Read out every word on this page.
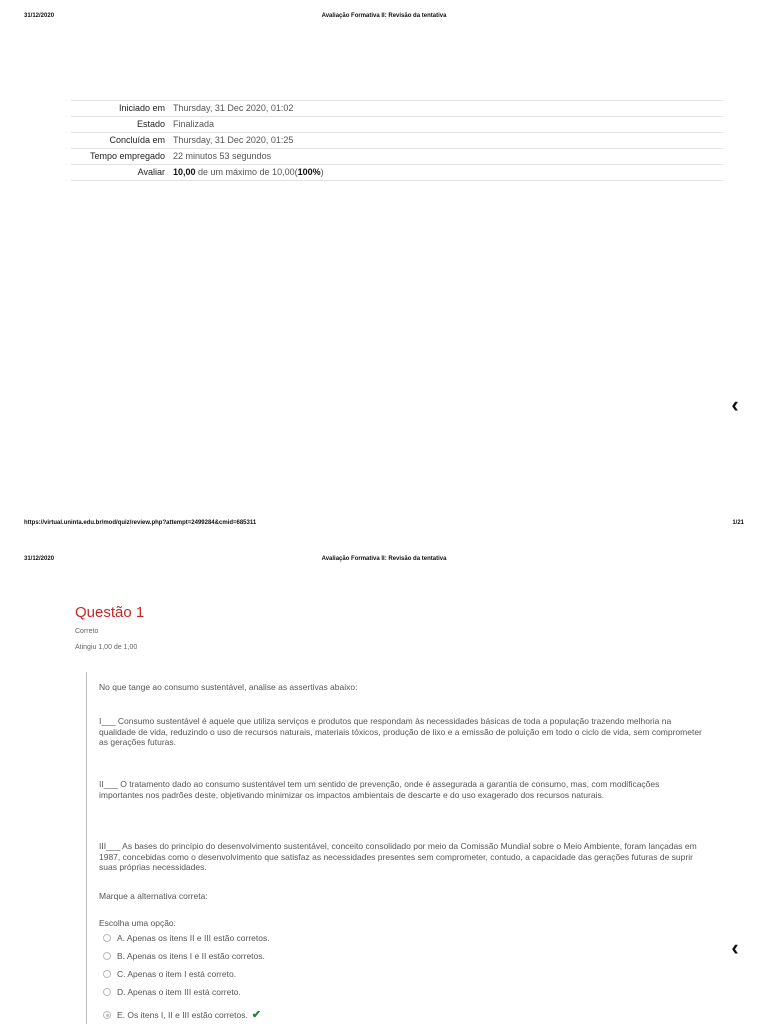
31/12/2020	Avaliação Formativa II: Revisão da tentativa
Iniciado em	Thursday, 31 Dec 2020, 01:02
Estado	Finalizada
Concluída em	Thursday, 31 Dec 2020, 01:25
Tempo empregado	22 minutos 53 segundos
Avaliar	10,00 de um máximo de 10,00(100%)
‹
https://virtual.uninta.edu.br/mod/quiz/review.php?attempt=2499284&cmid=685311	1/21
31/12/2020	Avaliação Formativa II: Revisão da tentativa
Questão 1
Correto
Atingiu 1,00 de 1,00

No que tange ao consumo sustentável, analise as assertivas abaixo:

I___ Consumo sustentável é aquele que utiliza serviços e produtos que respondam às necessidades básicas de toda a população trazendo melhoria na qualidade de vida, reduzindo o uso de recursos naturais, materiais tóxicos, produção de lixo e a emissão de poluição em todo o ciclo de vida, sem comprometer as gerações futuras.

II___ O tratamento dado ao consumo sustentável tem um sentido de prevenção, onde é assegurada a garantia de consumo, mas, com modificações importantes nos padrões deste, objetivando minimizar os impactos ambientais de descarte e do uso exagerado dos recursos naturais.

III___ As bases do princípio do desenvolvimento sustentável, conceito consolidado por meio da Comissão Mundial sobre o Meio Ambiente, foram lançadas em 1987, concebidas como o desenvolvimento que satisfaz as necessidades presentes sem comprometer, contudo, a capacidade das gerações futuras de suprir suas próprias necessidades.

Marque a alternativa correta:

Escolha uma opção:

A. Apenas os itens II e III estão corretos.
B. Apenas os itens I e II estão corretos.
C. Apenas o item I está correto.
D. Apenas o item III está correto.
E. Os itens I, II e III estão corretos. ✔
‹
